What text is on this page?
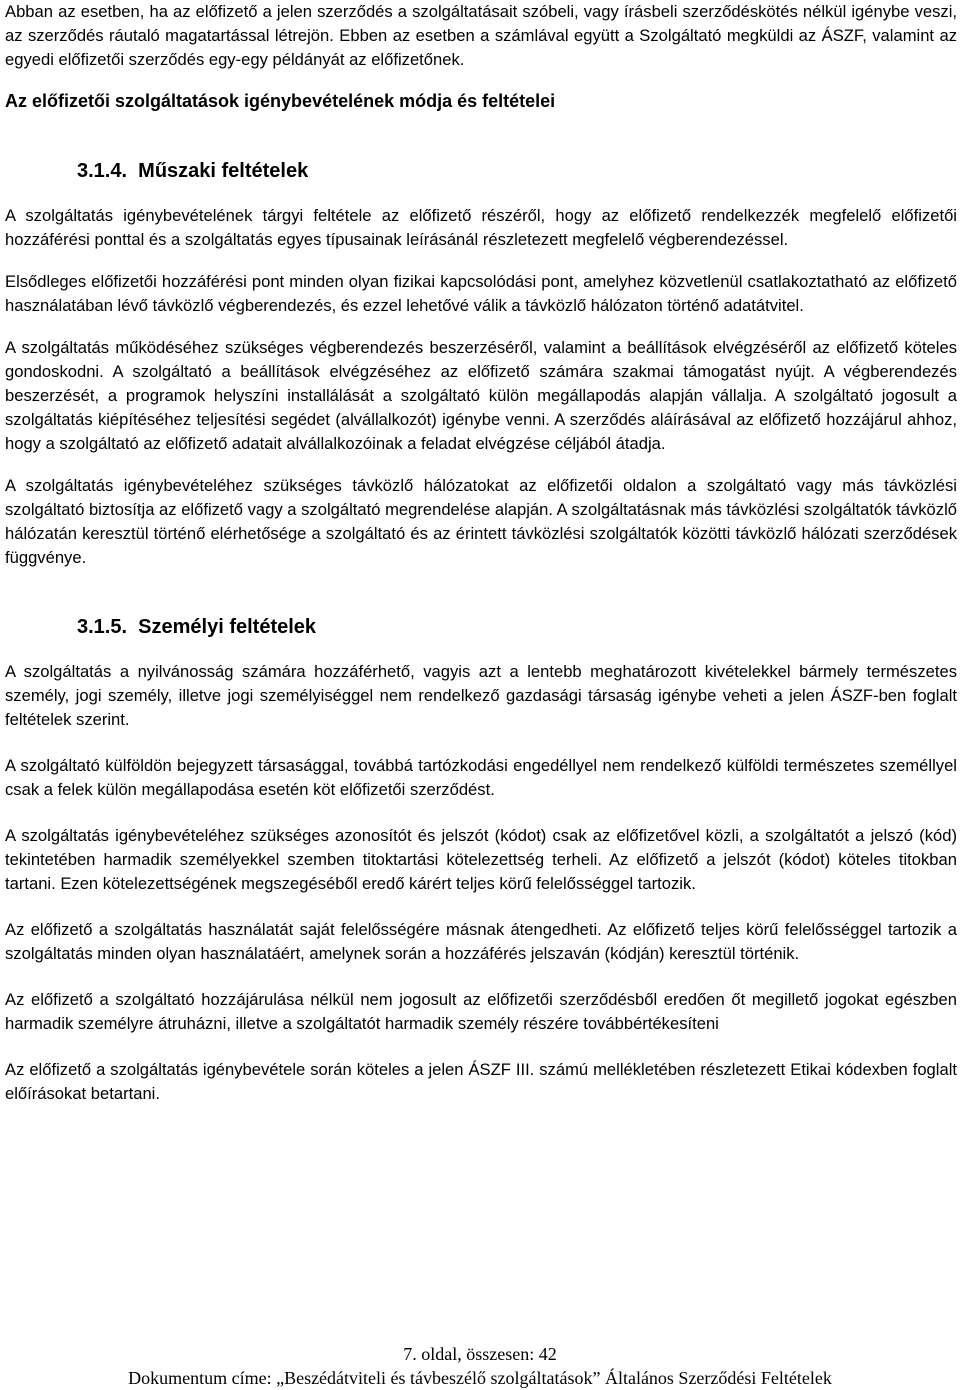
Abban az esetben, ha az előfizető a jelen szerződés a szolgáltatásait szóbeli, vagy írásbeli szerződéskötés nélkül igénybe veszi, az szerződés ráutaló magatartással létrejön. Ebben az esetben a számlával együtt a Szolgáltató megküldi az ÁSZF, valamint az egyedi előfizetői szerződés egy-egy példányát az előfizetőnek.

Az előfizetői szolgáltatások igénybevételének módja és feltételei

3.1.4.  Műszaki feltételek

A szolgáltatás igénybevételének tárgyi feltétele az előfizető részéről, hogy az előfizető rendelkezzék megfelelő előfizetői hozzáférési ponttal és a szolgáltatás egyes típusainak leírásánál részletezett megfelelő végberendezéssel.

Elsődleges előfizetői hozzáférési pont minden olyan fizikai kapcsolódási pont, amelyhez közvetlenül csatlakoztatható az előfizető használatában lévő távközlő végberendezés, és ezzel lehetővé válik a távközlő hálózaton történő adatátvitel.

A szolgáltatás működéséhez szükséges végberendezés beszerzéséről, valamint a beállítások elvégzéséről az előfizető köteles gondoskodni. A szolgáltató a beállítások elvégzéséhez az előfizető számára szakmai támogatást nyújt. A végberendezés beszerzését, a programok helyszíni installálását a szolgáltató külön megállapodás alapján vállalja. A szolgáltató jogosult a szolgáltatás kiépítéséhez teljesítési segédet (alvállalkozót) igénybe venni. A szerződés aláírásával az előfizető hozzájárul ahhoz, hogy a szolgáltató az előfizető adatait alvállalkozóinak a feladat elvégzése céljából átadja.

A szolgáltatás igénybevételéhez szükséges távközlő hálózatokat az előfizetői oldalon a szolgáltató vagy más távközlési szolgáltató biztosítja az előfizető vagy a szolgáltató megrendelése alapján. A szolgáltatásnak más távközlési szolgáltatók távközlő hálózatán keresztül történő elérhetősége a szolgáltató és az érintett távközlési szolgáltatók közötti távközlő hálózati szerződések függvénye.

3.1.5.  Személyi feltételek

A szolgáltatás a nyilvánosság számára hozzáférhető, vagyis azt a lentebb meghatározott kivételekkel bármely természetes személy, jogi személy, illetve jogi személyiséggel nem rendelkező gazdasági társaság igénybe veheti a jelen ÁSZF-ben foglalt feltételek szerint.

A szolgáltató külföldön bejegyzett társasággal, továbbá tartózkodási engedéllyel nem rendelkező külföldi természetes személlyel csak a felek külön megállapodása esetén köt előfizetői szerződést.

A szolgáltatás igénybevételéhez szükséges azonosítót és jelszót (kódot) csak az előfizetővel közli, a szolgáltatót a jelszó (kód) tekintetében harmadik személyekkel szemben titoktartási kötelezettség terheli. Az előfizető a jelszót (kódot) köteles titokban tartani. Ezen kötelezettségének megszegéséből eredő kárért teljes körű felelősséggel tartozik.

Az előfizető a szolgáltatás használatát saját felelősségére másnak átengedheti. Az előfizető teljes körű felelősséggel tartozik a szolgáltatás minden olyan használatáért, amelynek során a hozzáférés jelszaván (kódján) keresztül történik.

Az előfizető a szolgáltató hozzájárulása nélkül nem jogosult az előfizetői szerződésből eredően őt megillető jogokat egészben harmadik személyre átruházni, illetve a szolgáltatót harmadik személy részére továbbértékesíteni

Az előfizető a szolgáltatás igénybevétele során köteles a jelen ÁSZF III. számú mellékletében részletezett Etikai kódexben foglalt előírásokat betartani.

7. oldal, összesen: 42
Dokumentum címe: „Beszédátviteli és távbeszélő szolgáltatások” Általános Szerződési Feltételek
